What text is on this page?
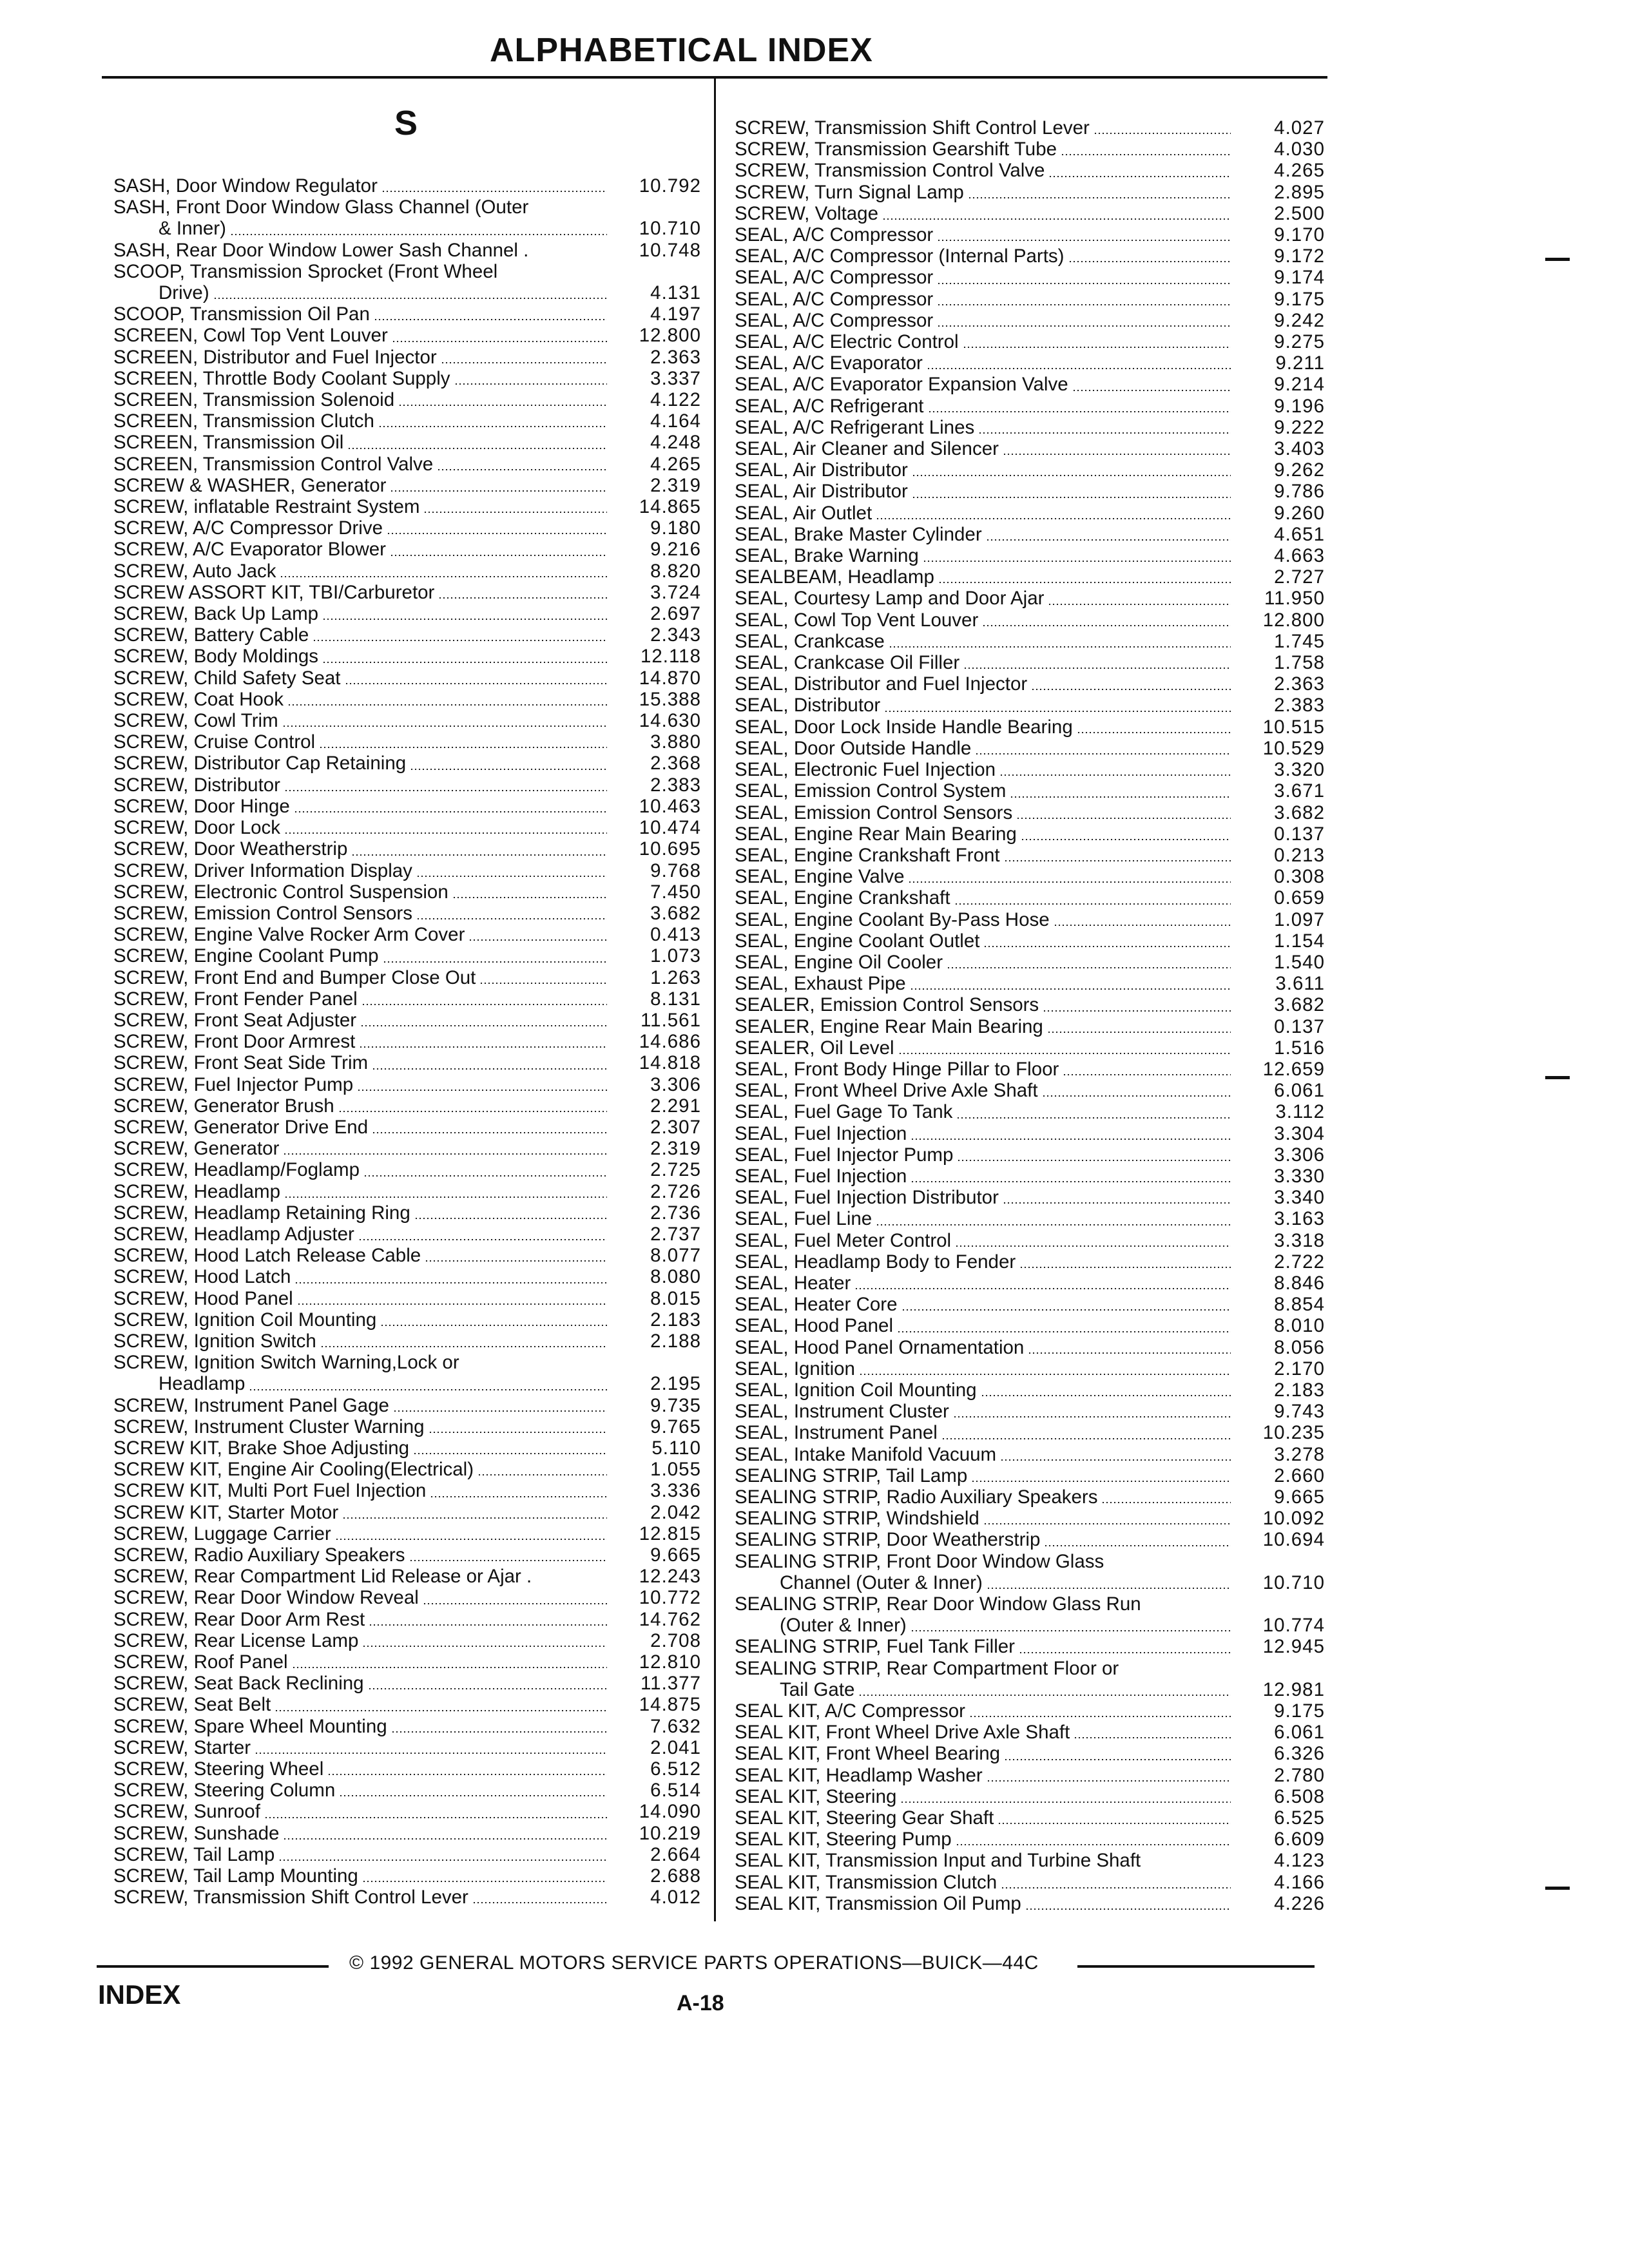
ALPHABETICAL INDEX
S
SASH, Door Window Regulator	10.792
SASH, Front Door Window Glass Channel (Outer
& Inner)	10.710
SASH, Rear Door Window Lower Sash Channel .	10.748
SCOOP, Transmission Sprocket (Front Wheel
Drive)	4.131
SCOOP, Transmission Oil Pan	4.197
SCREEN, Cowl Top Vent Louver	12.800
SCREEN, Distributor and Fuel Injector	2.363
SCREEN, Throttle Body Coolant Supply	3.337
SCREEN, Transmission Solenoid	4.122
SCREEN, Transmission Clutch	4.164
SCREEN, Transmission Oil	4.248
SCREEN, Transmission Control Valve	4.265
SCREW & WASHER, Generator	2.319
SCREW, inflatable Restraint System	14.865
SCREW, A/C Compressor Drive	9.180
SCREW, A/C Evaporator Blower	9.216
SCREW, Auto Jack	8.820
SCREW ASSORT KIT, TBI/Carburetor	3.724
SCREW, Back Up Lamp	2.697
SCREW, Battery Cable	2.343
SCREW, Body Moldings	12.118
SCREW, Child Safety Seat	14.870
SCREW, Coat Hook	15.388
SCREW, Cowl Trim	14.630
SCREW, Cruise Control	3.880
SCREW, Distributor Cap Retaining	2.368
SCREW, Distributor	2.383
SCREW, Door Hinge	10.463
SCREW, Door Lock	10.474
SCREW, Door Weatherstrip	10.695
SCREW, Driver Information Display	9.768
SCREW, Electronic Control Suspension	7.450
SCREW, Emission Control Sensors	3.682
SCREW, Engine Valve Rocker Arm Cover	0.413
SCREW, Engine Coolant Pump	1.073
SCREW, Front End and Bumper Close Out	1.263
SCREW, Front Fender Panel	8.131
SCREW, Front Seat Adjuster	11.561
SCREW, Front Door Armrest	14.686
SCREW, Front Seat Side Trim	14.818
SCREW, Fuel Injector Pump	3.306
SCREW, Generator Brush	2.291
SCREW, Generator Drive End	2.307
SCREW, Generator	2.319
SCREW, Headlamp/Foglamp	2.725
SCREW, Headlamp	2.726
SCREW, Headlamp Retaining Ring	2.736
SCREW, Headlamp Adjuster	2.737
SCREW, Hood Latch Release Cable	8.077
SCREW, Hood Latch	8.080
SCREW, Hood Panel	8.015
SCREW, Ignition Coil Mounting	2.183
SCREW, Ignition Switch	2.188
SCREW, Ignition Switch Warning,Lock or
Headlamp	2.195
SCREW, Instrument Panel Gage	9.735
SCREW, Instrument Cluster Warning	9.765
SCREW KIT, Brake Shoe Adjusting	5.110
SCREW KIT, Engine Air Cooling(Electrical)	1.055
SCREW KIT, Multi Port Fuel Injection	3.336
SCREW KIT, Starter Motor	2.042
SCREW, Luggage Carrier	12.815
SCREW, Radio Auxiliary Speakers	9.665
SCREW, Rear Compartment Lid Release or Ajar .	12.243
SCREW, Rear Door Window Reveal	10.772
SCREW, Rear Door Arm Rest	14.762
SCREW, Rear License Lamp	2.708
SCREW, Roof Panel	12.810
SCREW, Seat Back Reclining	11.377
SCREW, Seat Belt	14.875
SCREW, Spare Wheel Mounting	7.632
SCREW, Starter	2.041
SCREW, Steering Wheel	6.512
SCREW, Steering Column	6.514
SCREW, Sunroof	14.090
SCREW, Sunshade	10.219
SCREW, Tail Lamp	2.664
SCREW, Tail Lamp Mounting	2.688
SCREW, Transmission Shift Control Lever	4.012
SCREW, Transmission Shift Control Lever	4.027
SCREW, Transmission Gearshift Tube	4.030
SCREW, Transmission Control Valve	4.265
SCREW, Turn Signal Lamp	2.895
SCREW, Voltage	2.500
SEAL, A/C Compressor	9.170
SEAL, A/C Compressor (Internal Parts)	9.172
SEAL, A/C Compressor	9.174
SEAL, A/C Compressor	9.175
SEAL, A/C Compressor	9.242
SEAL, A/C Electric Control	9.275
SEAL, A/C Evaporator	9.211
SEAL, A/C Evaporator Expansion Valve	9.214
SEAL, A/C Refrigerant	9.196
SEAL, A/C Refrigerant Lines	9.222
SEAL, Air Cleaner and Silencer	3.403
SEAL, Air Distributor	9.262
SEAL, Air Distributor	9.786
SEAL, Air Outlet	9.260
SEAL, Brake Master Cylinder	4.651
SEAL, Brake Warning	4.663
SEALBEAM, Headlamp	2.727
SEAL, Courtesy Lamp and Door Ajar	11.950
SEAL, Cowl Top Vent Louver	12.800
SEAL, Crankcase	1.745
SEAL, Crankcase Oil Filler	1.758
SEAL, Distributor and Fuel Injector	2.363
SEAL, Distributor	2.383
SEAL, Door Lock Inside Handle Bearing	10.515
SEAL, Door Outside Handle	10.529
SEAL, Electronic Fuel Injection	3.320
SEAL, Emission Control System	3.671
SEAL, Emission Control Sensors	3.682
SEAL, Engine Rear Main Bearing	0.137
SEAL, Engine Crankshaft Front	0.213
SEAL, Engine Valve	0.308
SEAL, Engine Crankshaft	0.659
SEAL, Engine Coolant By-Pass Hose	1.097
SEAL, Engine Coolant Outlet	1.154
SEAL, Engine Oil Cooler	1.540
SEAL, Exhaust Pipe	3.611
SEALER, Emission Control Sensors	3.682
SEALER, Engine Rear Main Bearing	0.137
SEALER, Oil Level	1.516
SEAL, Front Body Hinge Pillar to Floor	12.659
SEAL, Front Wheel Drive Axle Shaft	6.061
SEAL, Fuel Gage To Tank	3.112
SEAL, Fuel Injection	3.304
SEAL, Fuel Injector Pump	3.306
SEAL, Fuel Injection	3.330
SEAL, Fuel Injection Distributor	3.340
SEAL, Fuel Line	3.163
SEAL, Fuel Meter Control	3.318
SEAL, Headlamp Body to Fender	2.722
SEAL, Heater	8.846
SEAL, Heater Core	8.854
SEAL, Hood Panel	8.010
SEAL, Hood Panel Ornamentation	8.056
SEAL, Ignition	2.170
SEAL, Ignition Coil Mounting	2.183
SEAL, Instrument Cluster	9.743
SEAL, Instrument Panel	10.235
SEAL, Intake Manifold Vacuum	3.278
SEALING STRIP, Tail Lamp	2.660
SEALING STRIP, Radio Auxiliary Speakers	9.665
SEALING STRIP, Windshield	10.092
SEALING STRIP, Door Weatherstrip	10.694
SEALING STRIP, Front Door Window Glass
Channel (Outer & Inner)	10.710
SEALING STRIP, Rear Door Window Glass Run
(Outer & Inner)	10.774
SEALING STRIP, Fuel Tank Filler	12.945
SEALING STRIP, Rear Compartment Floor or
Tail Gate	12.981
SEAL KIT, A/C Compressor	9.175
SEAL KIT, Front Wheel Drive Axle Shaft	6.061
SEAL KIT, Front Wheel Bearing	6.326
SEAL KIT, Headlamp Washer	2.780
SEAL KIT, Steering	6.508
SEAL KIT, Steering Gear Shaft	6.525
SEAL KIT, Steering Pump	6.609
SEAL KIT, Transmission Input and Turbine Shaft	4.123
SEAL KIT, Transmission Clutch	4.166
SEAL KIT, Transmission Oil Pump	4.226
© 1992 GENERAL MOTORS SERVICE PARTS OPERATIONS—BUICK—44C
INDEX	A-18
